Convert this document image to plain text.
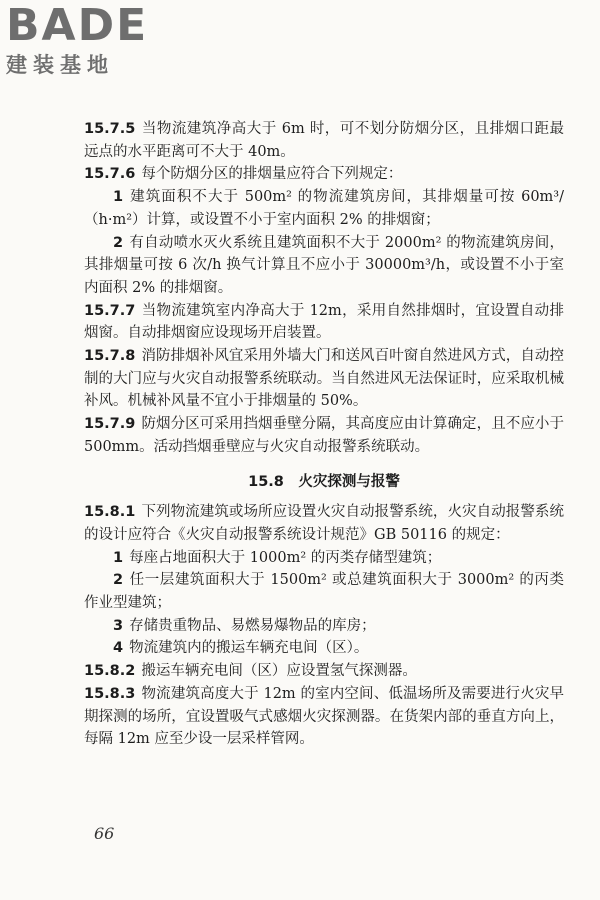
BADE
建装基地

15.7.5 当物流建筑净高大于 6m 时，可不划分防烟分区，且排烟口距最远点的水平距离可不大于 40m。

15.7.6 每个防烟分区的排烟量应符合下列规定：

1 建筑面积不大于 500m² 的物流建筑房间，其排烟量可按 60m³/（h·m²）计算，或设置不小于室内面积 2% 的排烟窗；

2 有自动喷水灭火系统且建筑面积不大于 2000m² 的物流建筑房间，其排烟量可按 6 次/h 换气计算且不应小于 30000m³/h，或设置不小于室内面积 2% 的排烟窗。

15.7.7 当物流建筑室内净高大于 12m，采用自然排烟时，宜设置自动排烟窗。自动排烟窗应设现场开启装置。

15.7.8 消防排烟补风宜采用外墙大门和送风百叶窗自然进风方式，自动控制的大门应与火灾自动报警系统联动。当自然进风无法保证时，应采取机械补风。机械补风量不宜小于排烟量的 50%。

15.7.9 防烟分区可采用挡烟垂壁分隔，其高度应由计算确定，且不应小于 500mm。活动挡烟垂壁应与火灾自动报警系统联动。

15.8　火灾探测与报警

15.8.1 下列物流建筑或场所应设置火灾自动报警系统，火灾自动报警系统的设计应符合《火灾自动报警系统设计规范》GB 50116 的规定：

1 每座占地面积大于 1000m² 的丙类存储型建筑；

2 任一层建筑面积大于 1500m² 或总建筑面积大于 3000m² 的丙类作业型建筑；

3 存储贵重物品、易燃易爆物品的库房；

4 物流建筑内的搬运车辆充电间（区）。

15.8.2 搬运车辆充电间（区）应设置氢气探测器。

15.8.3 物流建筑高度大于 12m 的室内空间、低温场所及需要进行火灾早期探测的场所，宜设置吸气式感烟火灾探测器。在货架内部的垂直方向上，每隔 12m 应至少设一层采样管网。

66
